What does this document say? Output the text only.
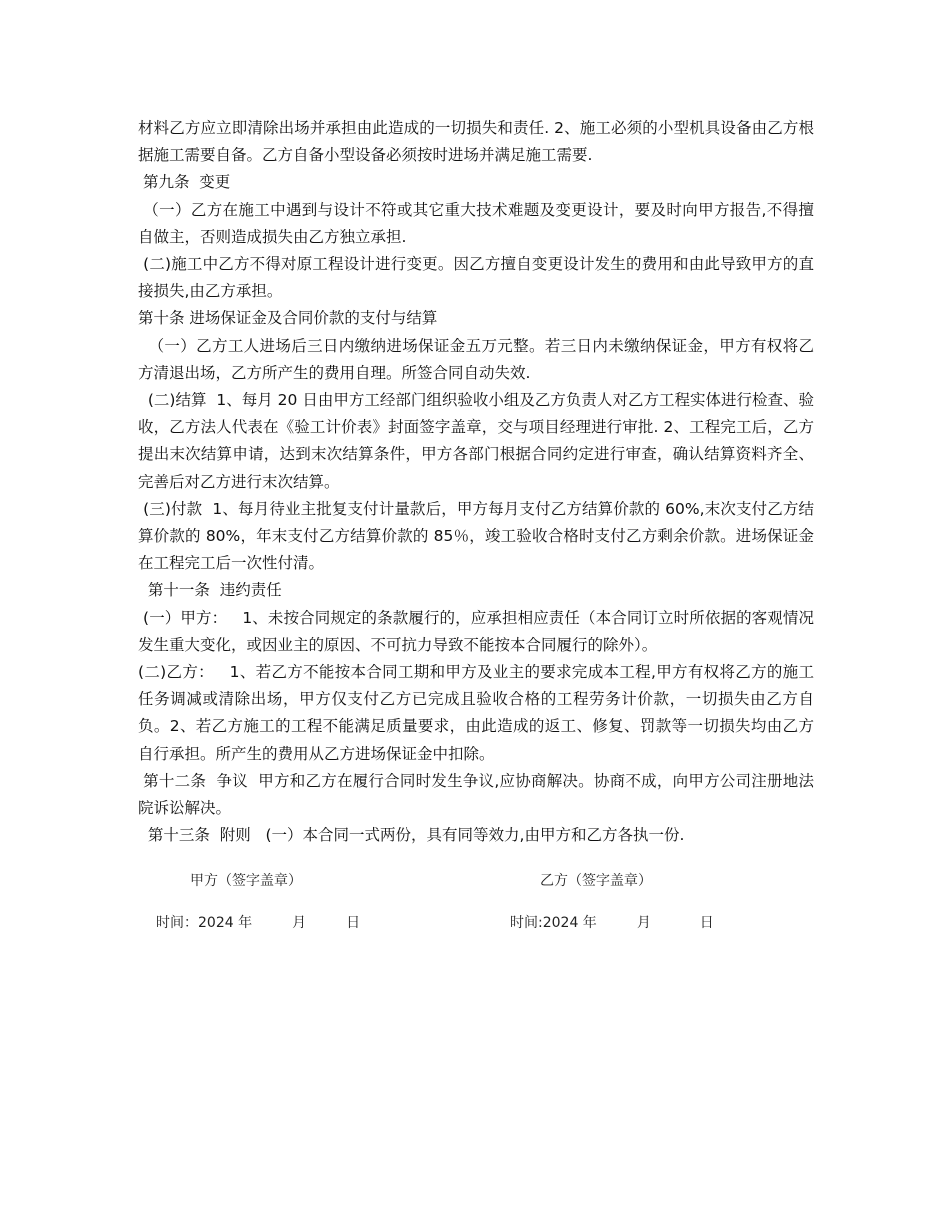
材料乙方应立即清除出场并承担由此造成的一切损失和责任. 2、施工必须的小型机具设备由乙方根据施工需要自备。乙方自备小型设备必须按时进场并满足施工需要.

第九条  变更

（一）乙方在施工中遇到与设计不符或其它重大技术难题及变更设计，要及时向甲方报告,不得擅自做主，否则造成损失由乙方独立承担.

(二)施工中乙方不得对原工程设计进行变更。因乙方擅自变更设计发生的费用和由此导致甲方的直接损失,由乙方承担。

第十条 进场保证金及合同价款的支付与结算

（一）乙方工人进场后三日内缴纳进场保证金五万元整。若三日内未缴纳保证金，甲方有权将乙方清退出场，乙方所产生的费用自理。所签合同自动失效.

(二)结算  1、每月 20 日由甲方工经部门组织验收小组及乙方负责人对乙方工程实体进行检查、验收，乙方法人代表在《验工计价表》封面签字盖章，交与项目经理进行审批. 2、工程完工后，乙方提出末次结算申请，达到末次结算条件，甲方各部门根据合同约定进行审查，确认结算资料齐全、完善后对乙方进行末次结算。

(三)付款  1、每月待业主批复支付计量款后，甲方每月支付乙方结算价款的 60%,末次支付乙方结算价款的 80%，年末支付乙方结算价款的 85％，竣工验收合格时支付乙方剩余价款。进场保证金在工程完工后一次性付清。

第十一条  违约责任

(一）甲方：   1、未按合同规定的条款履行的，应承担相应责任（本合同订立时所依据的客观情况发生重大变化，或因业主的原因、不可抗力导致不能按本合同履行的除外）。

(二)乙方：   1、若乙方不能按本合同工期和甲方及业主的要求完成本工程,甲方有权将乙方的施工任务调减或清除出场，甲方仅支付乙方已完成且验收合格的工程劳务计价款，一切损失由乙方自负。2、若乙方施工的工程不能满足质量要求，由此造成的返工、修复、罚款等一切损失均由乙方自行承担。所产生的费用从乙方进场保证金中扣除。

第十二条  争议  甲方和乙方在履行合同时发生争议,应协商解决。协商不成，向甲方公司注册地法院诉讼解决。

第十三条  附则   (一）本合同一式两份，具有同等效力,由甲方和乙方各执一份.

甲方（签字盖章）	乙方（签字盖章）
时间：2024 年         月         日	时间:2024 年         月           日
